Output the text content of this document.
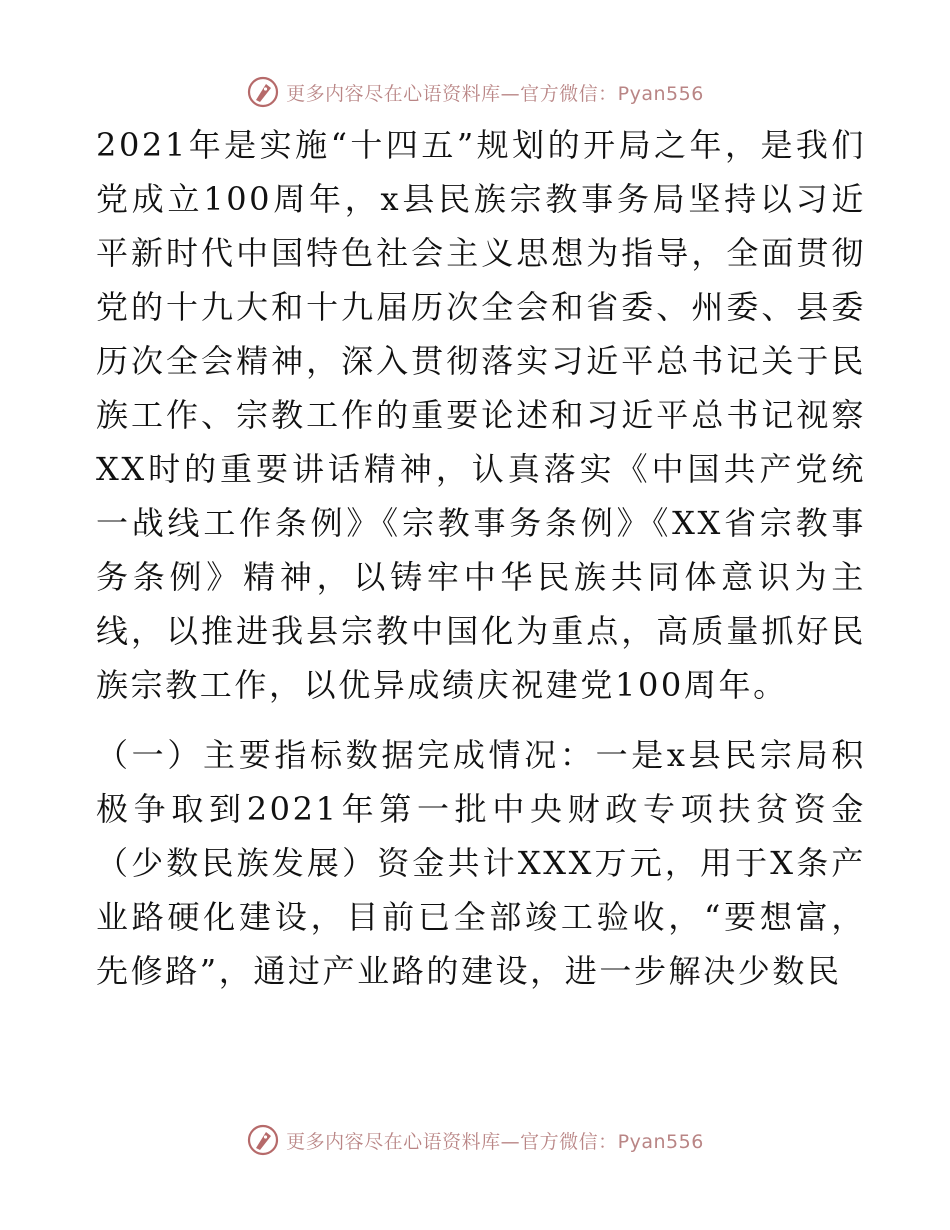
更多内容尽在心语资料库—官方微信：Pyan556

2021年是实施“十四五”规划的开局之年，是我们党成立100周年，x县民族宗教事务局坚持以习近平新时代中国特色社会主义思想为指导，全面贯彻党的十九大和十九届历次全会和省委、州委、县委历次全会精神，深入贯彻落实习近平总书记关于民族工作、宗教工作的重要论述和习近平总书记视察XX时的重要讲话精神，认真落实《中国共产党统一战线工作条例》《宗教事务条例》《XX省宗教事务条例》精神，以铸牢中华民族共同体意识为主线，以推进我县宗教中国化为重点，高质量抓好民族宗教工作，以优异成绩庆祝建党100周年。

（一）主要指标数据完成情况：一是x县民宗局积极争取到2021年第一批中央财政专项扶贫资金（少数民族发展）资金共计XXX万元，用于X条产业路硬化建设，目前已全部竣工验收，“要想富，先修路”，通过产业路的建设，进一步解决少数民

更多内容尽在心语资料库—官方微信：Pyan556
